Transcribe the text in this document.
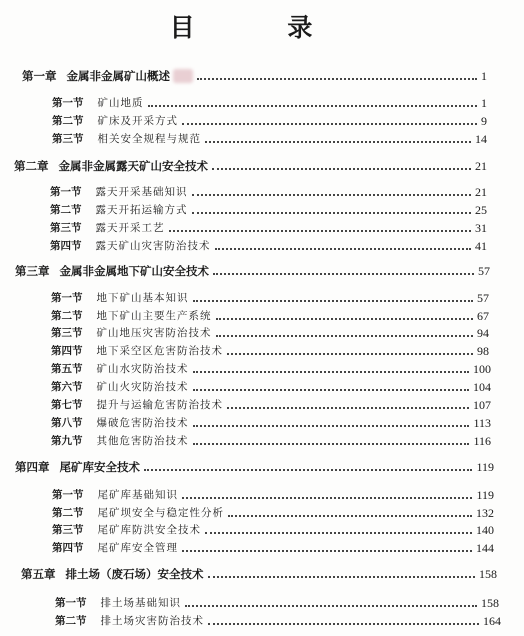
目 录
第一章 金属非金属矿山概述	1
第一节 矿山地质	1
第二节 矿床及开采方式	9
第三节 相关安全规程与规范	14
第二章 金属非金属露天矿山安全技术	21
第一节 露天开采基础知识	21
第二节 露天开拓运输方式	25
第三节 露天开采工艺	31
第四节 露天矿山灾害防治技术	41
第三章 金属非金属地下矿山安全技术	57
第一节 地下矿山基本知识	57
第二节 地下矿山主要生产系统	67
第三节 矿山地压灾害防治技术	94
第四节 地下采空区危害防治技术	98
第五节 矿山水灾防治技术	100
第六节 矿山火灾防治技术	104
第七节 提升与运输危害防治技术	107
第八节 爆破危害防治技术	113
第九节 其他危害防治技术	116
第四章 尾矿库安全技术	119
第一节 尾矿库基础知识	119
第二节 尾矿坝安全与稳定性分析	132
第三节 尾矿库防洪安全技术	140
第四节 尾矿库安全管理	144
第五章 排土场（废石场）安全技术	158
第一节 排土场基础知识	158
第二节 排土场灾害防治技术	164
